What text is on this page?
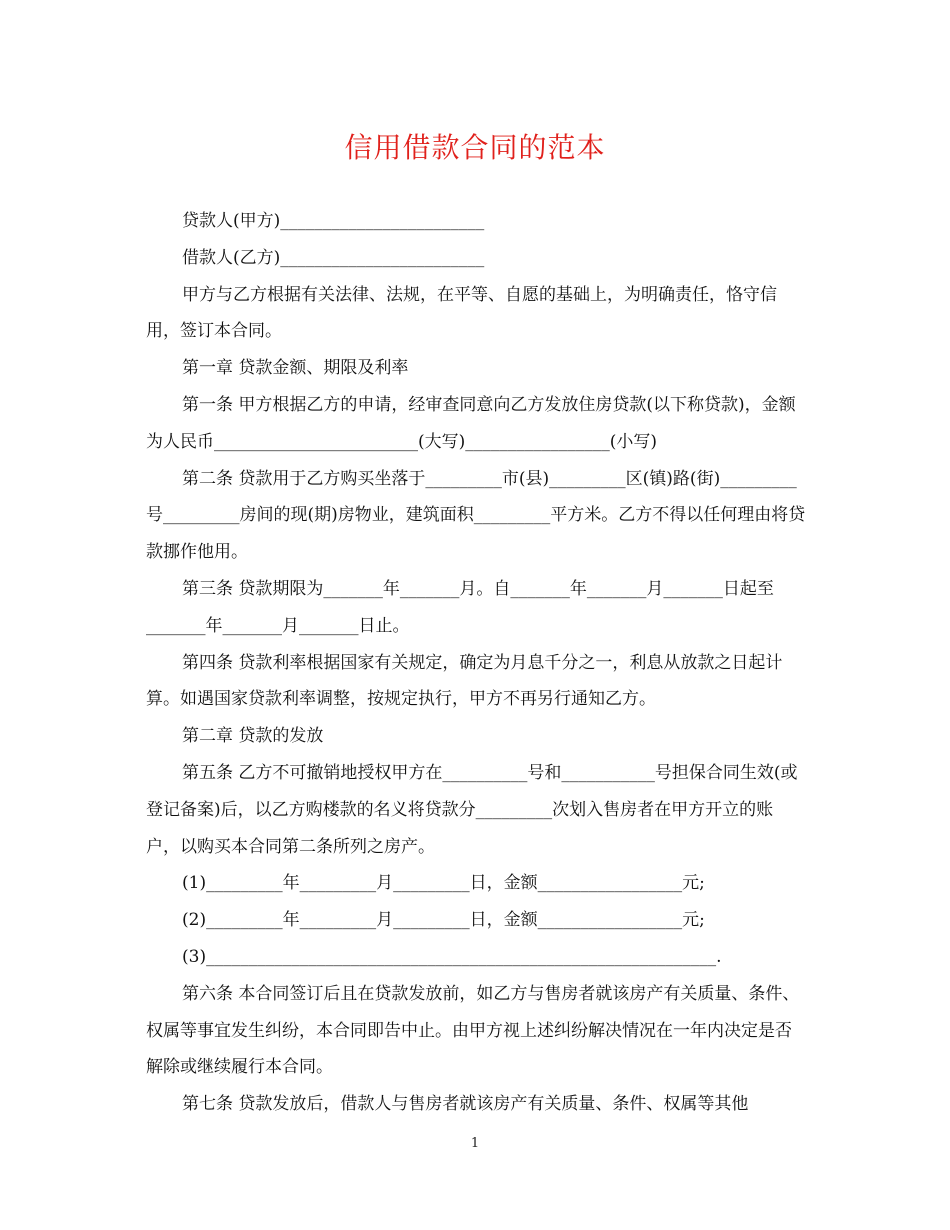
信用借款合同的范本

贷款人(甲方)________________________

借款人(乙方)________________________

甲方与乙方根据有关法律、法规，在平等、自愿的基础上，为明确责任，恪守信用，签订本合同。

第一章 贷款金额、期限及利率

第一条 甲方根据乙方的申请，经审查同意向乙方发放住房贷款(以下称贷款)，金额为人民币________________________(大写)_________________(小写)

第二条 贷款用于乙方购买坐落于_________市(县)_________区(镇)路(街)_________号_________房间的现(期)房物业，建筑面积_________平方米。乙方不得以任何理由将贷款挪作他用。

第三条 贷款期限为_______年_______月。自_______年_______月_______日起至_______年_______月_______日止。

第四条 贷款利率根据国家有关规定，确定为月息千分之一，利息从放款之日起计算。如遇国家贷款利率调整，按规定执行，甲方不再另行通知乙方。

第二章 贷款的发放

第五条 乙方不可撤销地授权甲方在__________号和___________号担保合同生效(或登记备案)后，以乙方购楼款的名义将贷款分_________次划入售房者在甲方开立的账户，以购买本合同第二条所列之房产。

(1)_________年_________月_________日，金额_________________元;

(2)_________年_________月_________日，金额_________________元;

(3)____________________________________________________________.

第六条 本合同签订后且在贷款发放前，如乙方与售房者就该房产有关质量、条件、权属等事宜发生纠纷，本合同即告中止。由甲方视上述纠纷解决情况在一年内决定是否解除或继续履行本合同。

第七条 贷款发放后，借款人与售房者就该房产有关质量、条件、权属等其他

1
